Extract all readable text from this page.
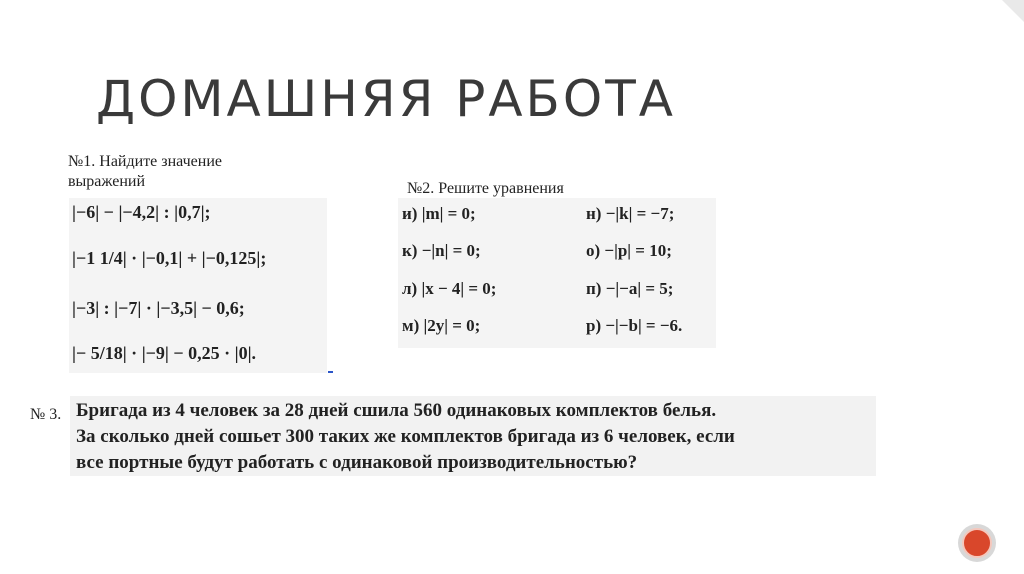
ДОМАШНЯЯ РАБОТА
№1. Найдите значение выражений
|−6| − |−4,2| : |0,7|;
|−1 1/4| · |−0,1| + |−0,125|;
|−3| : |−7| · |−3,5| − 0,6;
|− 5/18| · |−9| − 0,25 · |0|.
№2. Решите уравнения
и) |m| = 0;	н) −|k| = −7;
к) −|n| = 0;	о) −|p| = 10;
л) |x − 4| = 0;	п) −|−a| = 5;
м) |2y| = 0;	р) −|−b| = −6.
№ 3. Бригада из 4 человек за 28 дней сшила 560 одинаковых комплектов белья.
За сколько дней сошьет 300 таких же комплектов бригада из 6 человек, если
все портные будут работать с одинаковой производительностью?
